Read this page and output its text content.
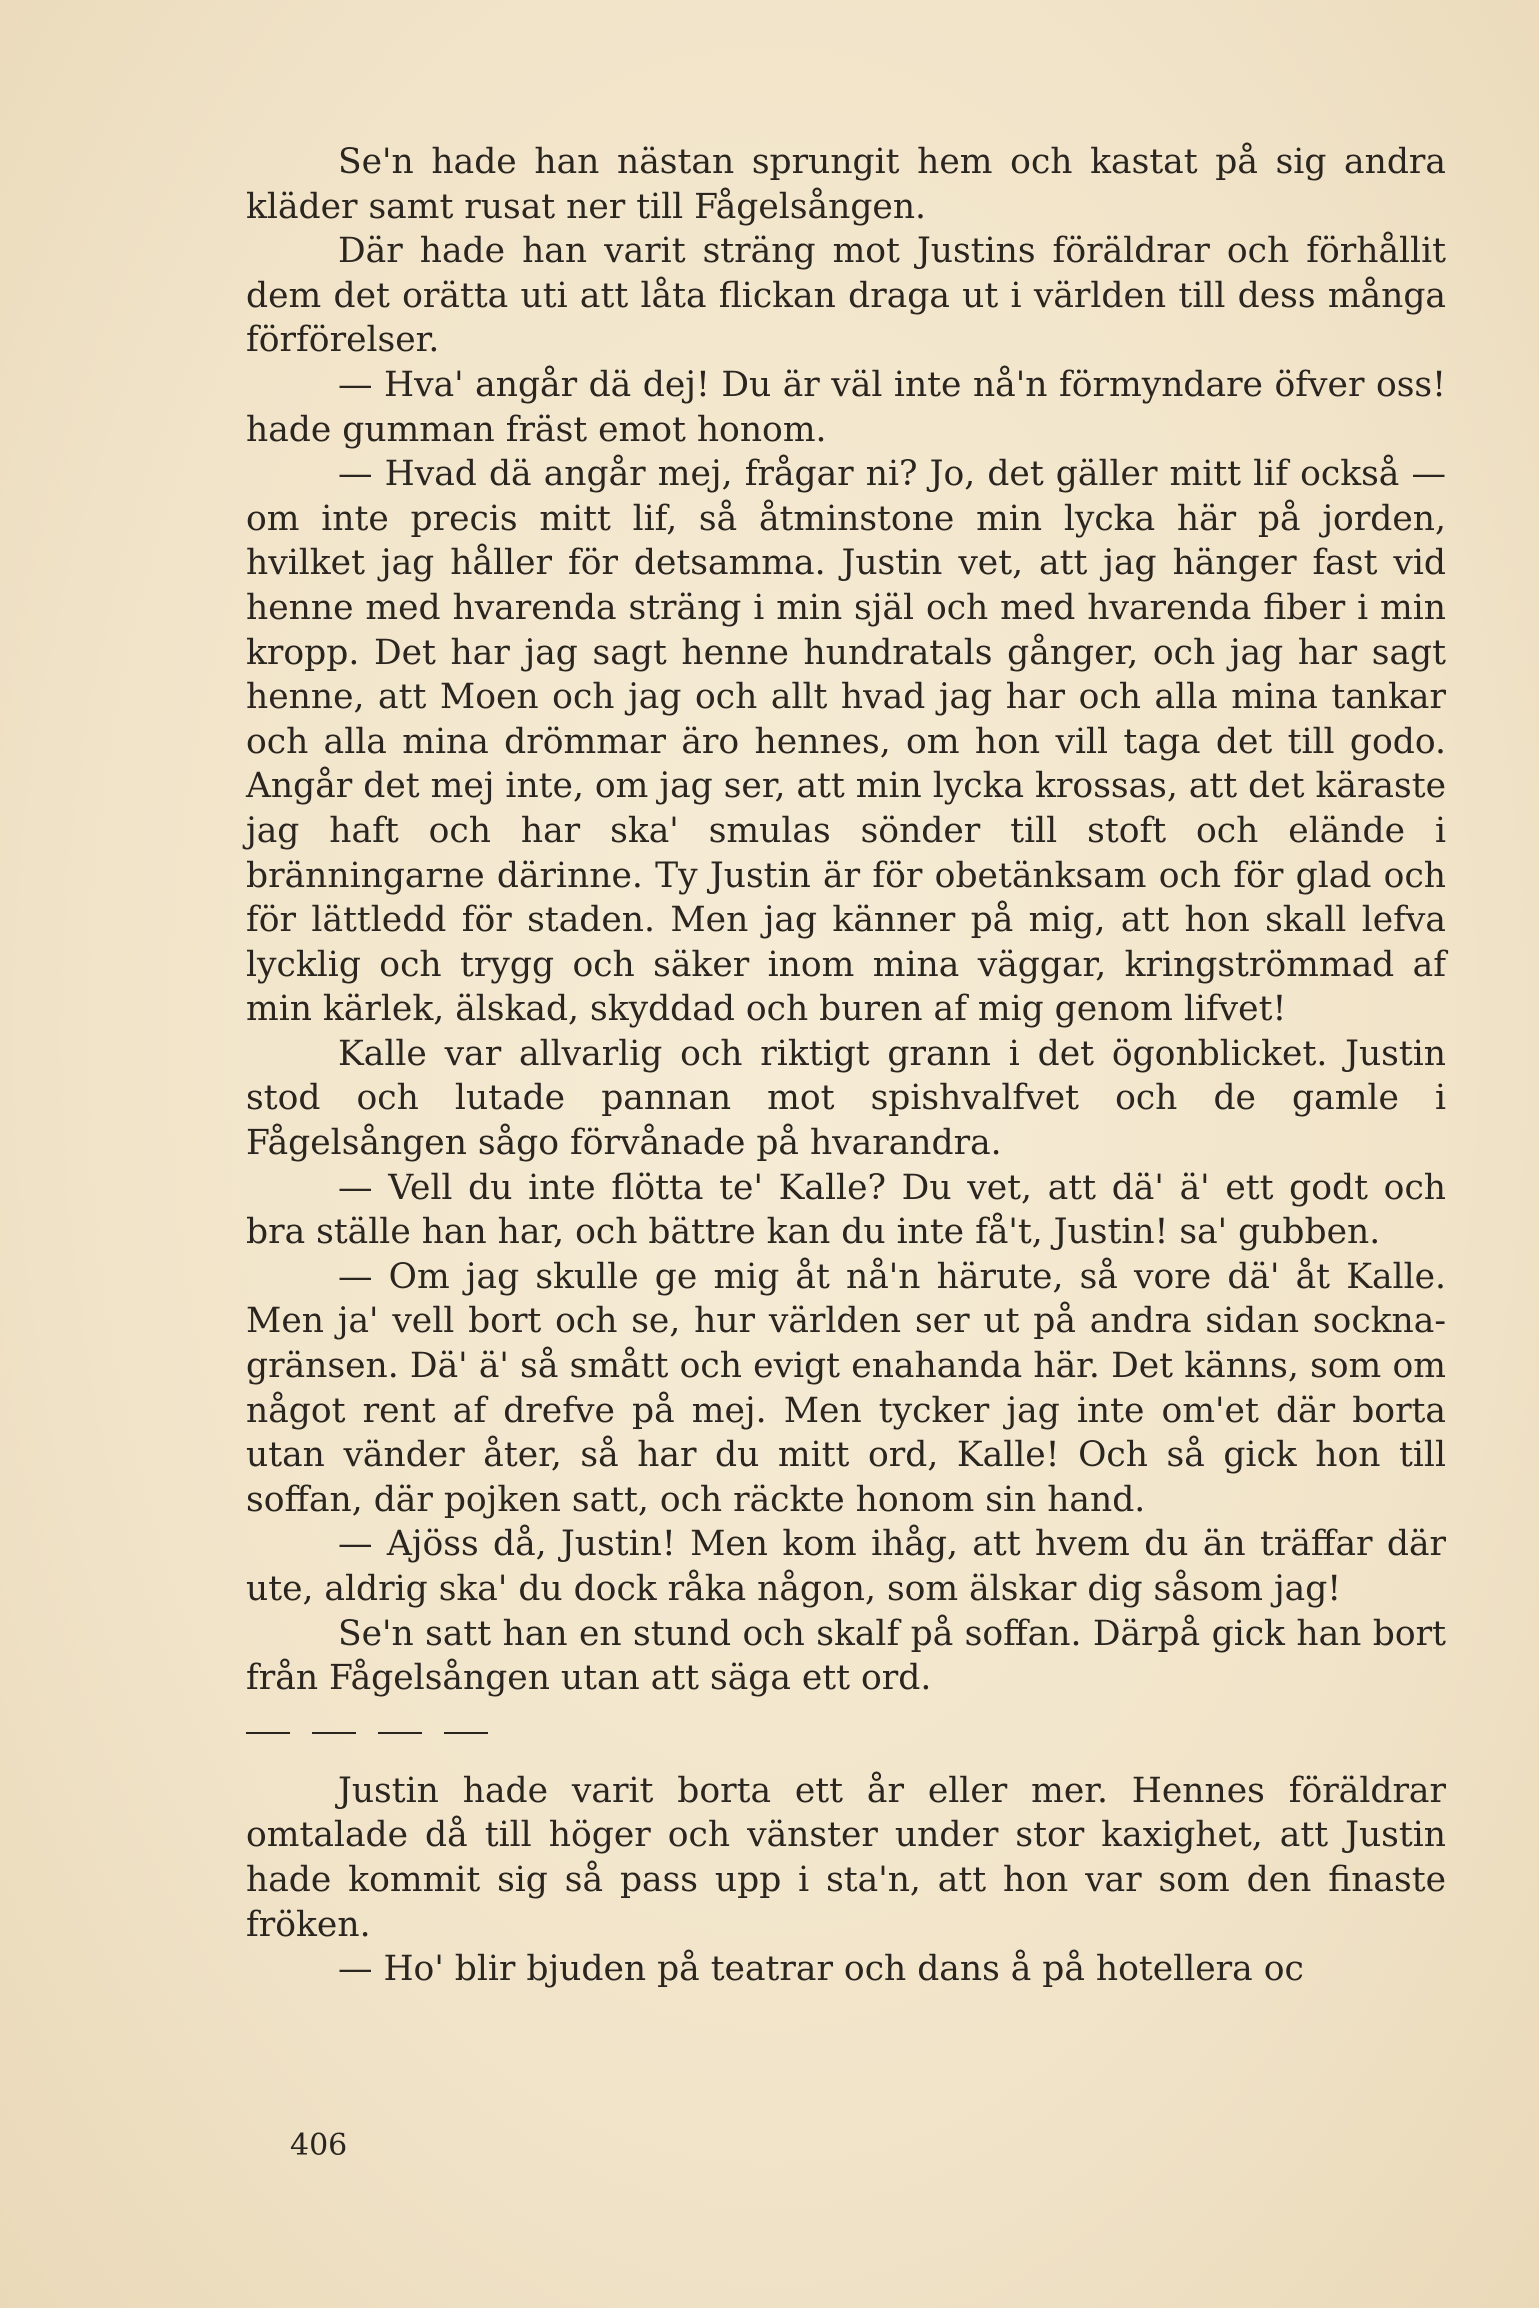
Se'n hade han nästan sprungit hem och kastat på sig andra kläder samt rusat ner till Fågelsången.

Där hade han varit sträng mot Justins föräldrar och förhållit dem det orätta uti att låta flickan draga ut i världen till dess många förförelser.

— Hva' angår dä dej! Du är väl inte nå'n förmyndare öfver oss! hade gumman fräst emot honom.

— Hvad dä angår mej, frågar ni? Jo, det gäller mitt lif också — om inte precis mitt lif, så åtminstone min lycka här på jorden, hvilket jag håller för detsamma. Justin vet, att jag hänger fast vid henne med hvarenda sträng i min själ och med hvarenda fiber i min kropp. Det har jag sagt henne hundratals gånger, och jag har sagt henne, att Moen och jag och allt hvad jag har och alla mina tankar och alla mina drömmar äro hennes, om hon vill taga det till godo. Angår det mej inte, om jag ser, att min lycka krossas, att det käraste jag haft och har ska' smulas sönder till stoft och elände i bränningarne därinne. Ty Justin är för obetänksam och för glad och för lättledd för staden. Men jag känner på mig, att hon skall lefva lycklig och trygg och säker inom mina väggar, kringströmmad af min kärlek, älskad, skyddad och buren af mig genom lifvet!

Kalle var allvarlig och riktigt grann i det ögonblicket. Justin stod och lutade pannan mot spishvalfvet och de gamle i Fågelsången sågo förvånade på hvarandra.

— Vell du inte flötta te' Kalle? Du vet, att dä' ä' ett godt och bra ställe han har, och bättre kan du inte få't, Justin! sa' gubben.

— Om jag skulle ge mig åt nå'n härute, så vore dä' åt Kalle. Men ja' vell bort och se, hur världen ser ut på andra sidan sockna-gränsen. Dä' ä' så smått och evigt enahanda här. Det känns, som om något rent af drefve på mej. Men tycker jag inte om'et där borta utan vänder åter, så har du mitt ord, Kalle! Och så gick hon till soffan, där pojken satt, och räckte honom sin hand.

— Ajöss då, Justin! Men kom ihåg, att hvem du än träffar där ute, aldrig ska' du dock råka någon, som älskar dig såsom jag!

Se'n satt han en stund och skalf på soffan. Därpå gick han bort från Fågelsången utan att säga ett ord.

Justin hade varit borta ett år eller mer. Hennes föräldrar omtalade då till höger och vänster under stor kaxighet, att Justin hade kommit sig så pass upp i sta'n, att hon var som den finaste fröken.

— Ho' blir bjuden på teatrar och dans å på hotellera oc

406
